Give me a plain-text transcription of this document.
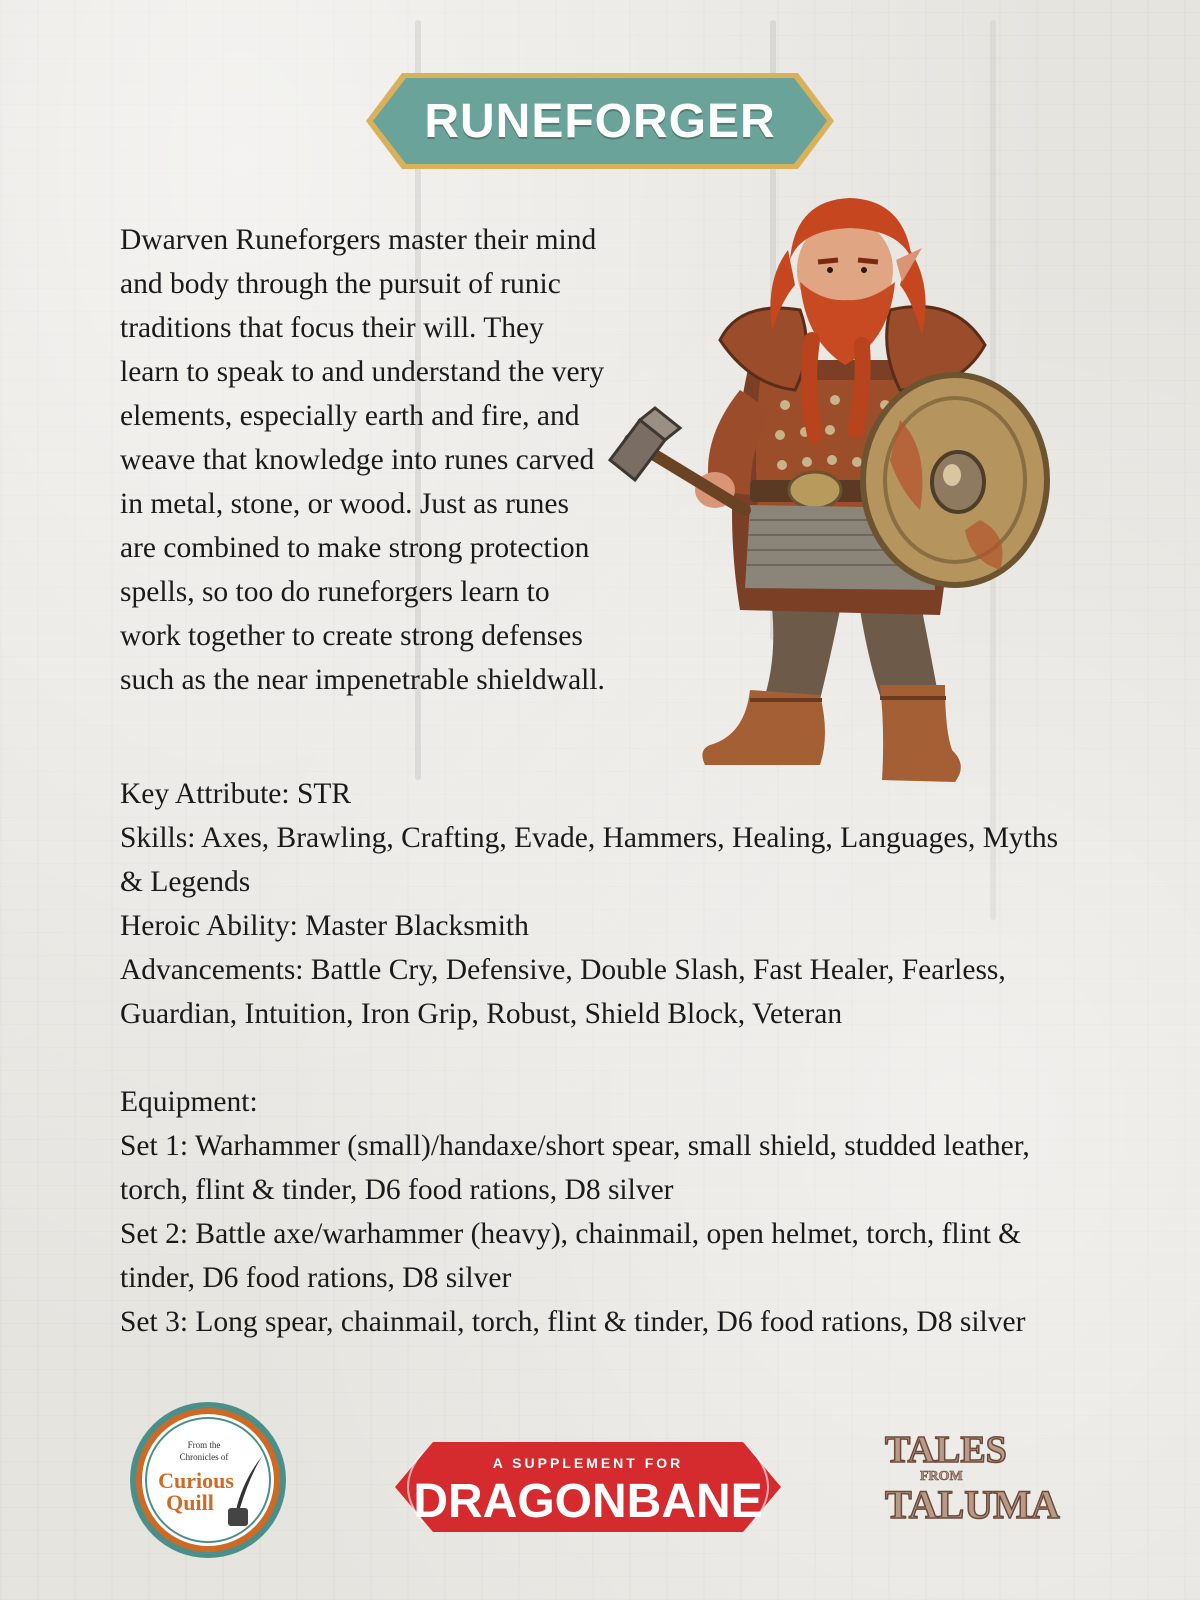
RUNEFORGER

Dwarven Runeforgers master their mind and body through the pursuit of runic traditions that focus their will. They learn to speak to and understand the very elements, especially earth and fire, and weave that knowledge into runes carved in metal, stone, or wood. Just as runes are combined to make strong protection spells, so too do runeforgers learn to work together to create strong defenses such as the near impenetrable shieldwall.

Key Attribute: STR

Skills: Axes, Brawling, Crafting, Evade, Hammers, Healing, Languages, Myths & Legends

Heroic Ability: Master Blacksmith

Advancements: Battle Cry, Defensive, Double Slash, Fast Healer, Fearless, Guardian, Intuition, Iron Grip, Robust, Shield Block, Veteran

Equipment:

Set 1: Warhammer (small)/handaxe/short spear, small shield, studded leather, torch, flint & tinder, D6 food rations, D8 silver

Set 2: Battle axe/warhammer (heavy), chainmail, open helmet, torch, flint & tinder, D6 food rations, D8 silver

Set 3: Long spear, chainmail, torch, flint & tinder, D6 food rations, D8 silver

From the
Chronicles of
Curious
Quill
A SUPPLEMENT FOR
DRAGONBANE
TALES
FROM
TALUMA
